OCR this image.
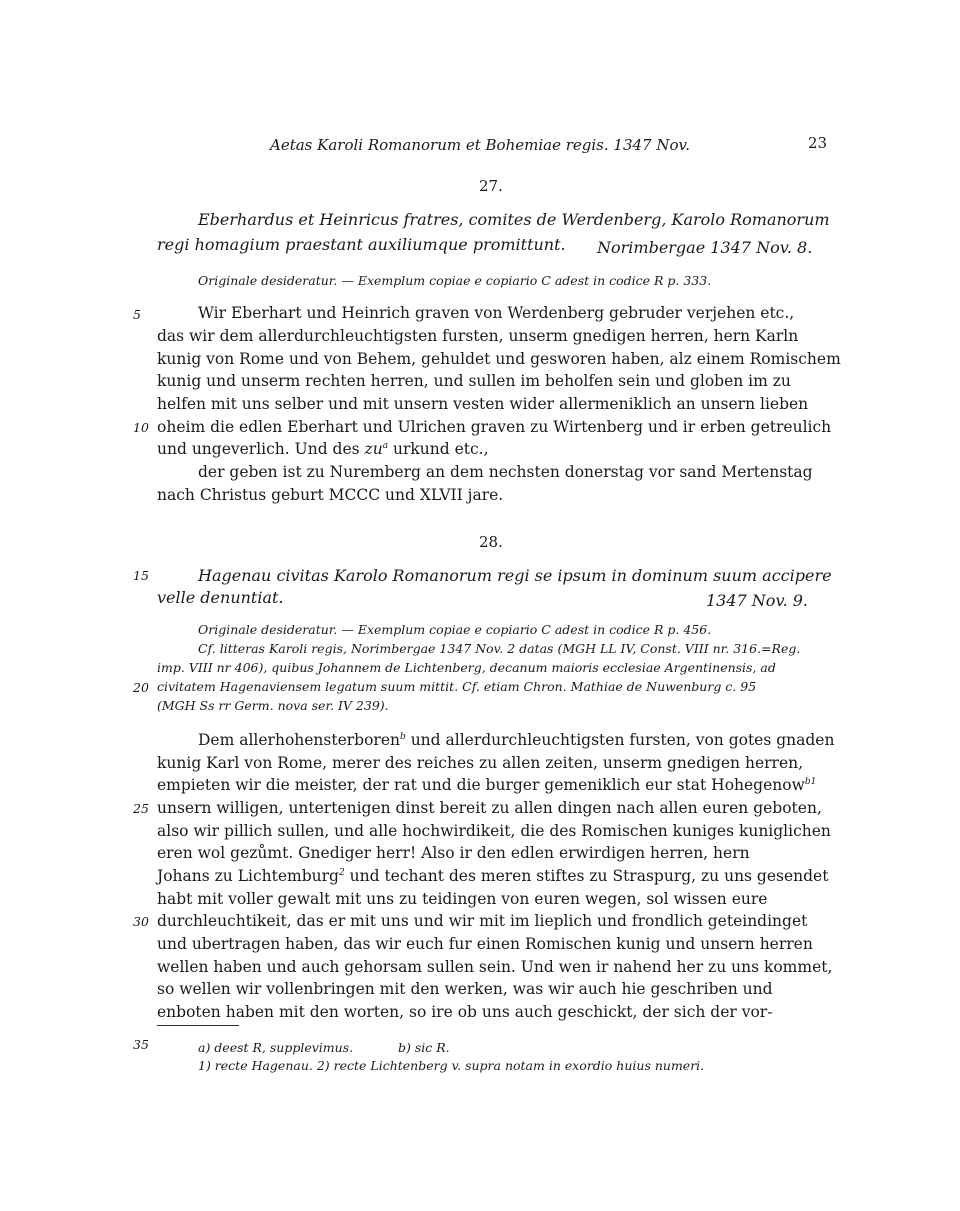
Aetas Karoli Romanorum et Bohemiae regis. 1347 Nov.	23
27.
Eberhardus et Heinricus fratres, comites de Werdenberg, Karolo Romanorum
regi homagium praestant auxiliumque promittunt. Norimbergae 1347 Nov. 8.
Originale desideratur. — Exemplum copiae e copiario C adest in codice R p. 333.
Wir Eberhart und Heinrich graven von Werdenberg gebruder verjehen etc.,
das wir dem allerdurchleuchtigsten fursten, unserm gnedigen herren, hern Karln
kunig von Rome und von Behem, gehuldet und gesworen haben, alz einem Romischem
kunig und unserm rechten herren, und sullen im beholfen sein und globen im zu
helfen mit uns selber und mit unsern vesten wider allermeniklich an unsern lieben
oheim die edlen Eberhart und Ulrichen graven zu Wirtenberg und ir erben getreulich
und ungeverlich. Und des $zu^a$ urkund etc.,
der geben ist zu Nuremberg an dem nechsten donerstag vor sand Mertenstag
nach Christus geburt MCCC und XLVII jare.
28.
Hagenau civitas Karolo Romanorum regi se ipsum in dominum suum accipere
velle denuntiat.	1347 Nov. 9.
Originale desideratur. — Exemplum copiae e copiario C adest in codice R p. 456.
Cf. litteras Karoli regis, Norimbergae 1347 Nov. 2 datas (MGH LL IV, Const. VIII nr. 316.=Reg.
imp. VIII nr 406), quibus Johannem de Lichtenberg, decanum maioris ecclesiae Argentinensis, ad
civitatem Hagenaviensem legatum suum mittit. Cf. etiam Chron. Mathiae de Nuwenburg c. 95
(MGH Ss rr Germ. nova ser. IV 239).
Dem allerhohensterboren$^b$ und allerdurchleuchtigsten fursten, von gotes gnaden
kunig Karl von Rome, merer des reiches zu allen zeiten, unserm gnedigen herren,
empieten wir die meister, der rat und die burger gemeniklich eur stat Hohegenow$^{b1}$
unsern willigen, untertenigen dinst bereit zu allen dingen nach allen euren geboten,
also wir pillich sullen, und alle hochwirdikeit, die des Romischen kuniges kuniglichen
eren wol gezůmt. Gnediger herr! Also ir den edlen erwirdigen herren, hern
Johans zu Lichtemburg$^2$ und techant des meren stiftes zu Straspurg, zu uns gesendet
habt mit voller gewalt mit uns zu teidingen von euren wegen, sol wissen eure
durchleuchtikeit, das er mit uns und wir mit im lieplich und frondlich geteindinget
und ubertragen haben, das wir euch fur einen Romischen kunig und unsern herren
wellen haben und auch gehorsam sullen sein. Und wen ir nahend her zu uns kommet,
so wellen wir vollenbringen mit den werken, was wir auch hie geschriben und
enboten haben mit den worten, so ire ob uns auch geschickt, der sich der vor-
5
10
15
20
25
30
35	a) deest R, supplevimus.	b) sic R.
1) recte Hagenau. 2) recte Lichtenberg v. supra notam in exordio huius numeri.
